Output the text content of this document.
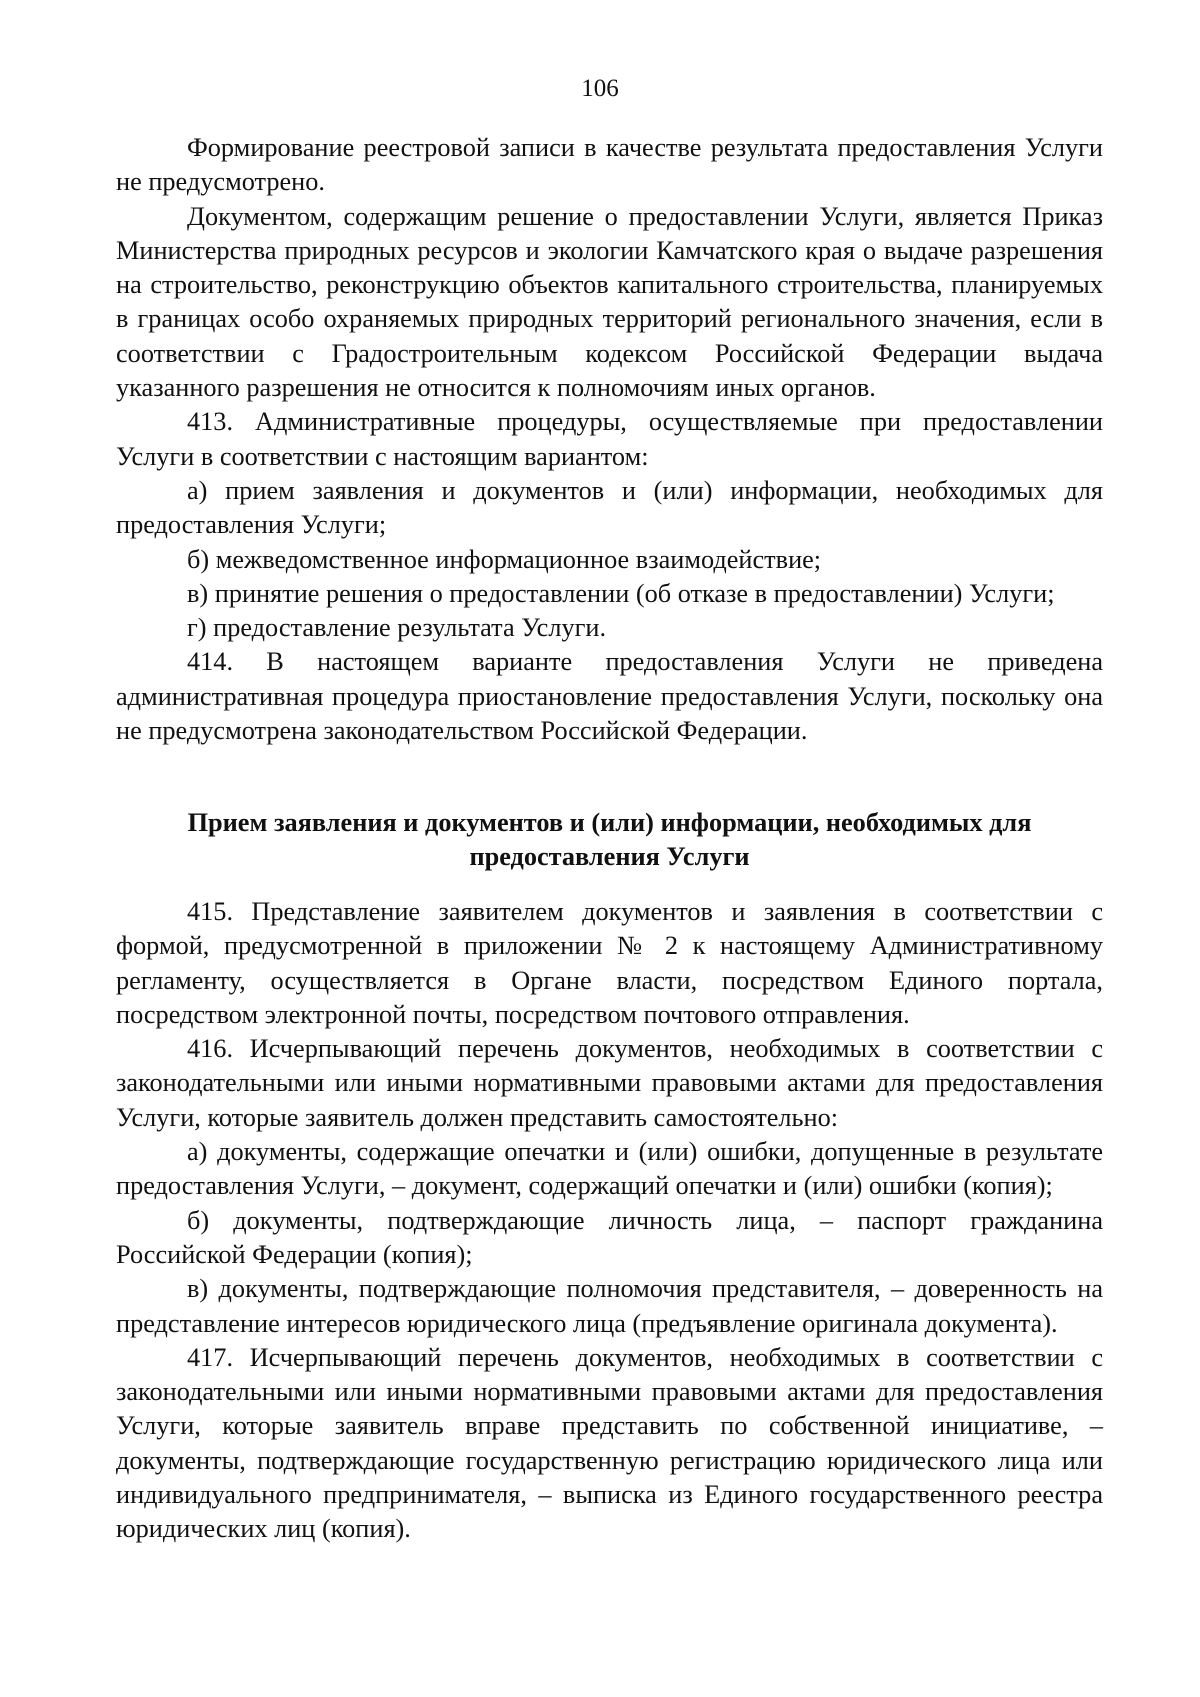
106

Формирование реестровой записи в качестве результата предоставления Услуги не предусмотрено.

Документом, содержащим решение о предоставлении Услуги, является Приказ Министерства природных ресурсов и экологии Камчатского края о выдаче разрешения на строительство, реконструкцию объектов капитального строительства, планируемых в границах особо охраняемых природных территорий регионального значения, если в соответствии с Градостроительным кодексом Российской Федерации выдача указанного разрешения не относится к полномочиям иных органов.

413. Административные процедуры, осуществляемые при предоставлении Услуги в соответствии с настоящим вариантом:

а) прием заявления и документов и (или) информации, необходимых для предоставления Услуги;

б) межведомственное информационное взаимодействие;

в) принятие решения о предоставлении (об отказе в предоставлении) Услуги;

г) предоставление результата Услуги.

414. В настоящем варианте предоставления Услуги не приведена административная процедура приостановление предоставления Услуги, поскольку она не предусмотрена законодательством Российской Федерации.

Прием заявления и документов и (или) информации, необходимых для предоставления Услуги

415. Представление заявителем документов и заявления в соответствии с формой, предусмотренной в приложении № 2 к настоящему Административному регламенту, осуществляется в Органе власти, посредством Единого портала, посредством электронной почты, посредством почтового отправления.

416. Исчерпывающий перечень документов, необходимых в соответствии с законодательными или иными нормативными правовыми актами для предоставления Услуги, которые заявитель должен представить самостоятельно:

а) документы, содержащие опечатки и (или) ошибки, допущенные в результате предоставления Услуги, – документ, содержащий опечатки и (или) ошибки (копия);

б) документы, подтверждающие личность лица, – паспорт гражданина Российской Федерации (копия);

в) документы, подтверждающие полномочия представителя, – доверенность на представление интересов юридического лица (предъявление оригинала документа).

417. Исчерпывающий перечень документов, необходимых в соответствии с законодательными или иными нормативными правовыми актами для предоставления Услуги, которые заявитель вправе представить по собственной инициативе, – документы, подтверждающие государственную регистрацию юридического лица или индивидуального предпринимателя, – выписка из Единого государственного реестра юридических лиц (копия).
